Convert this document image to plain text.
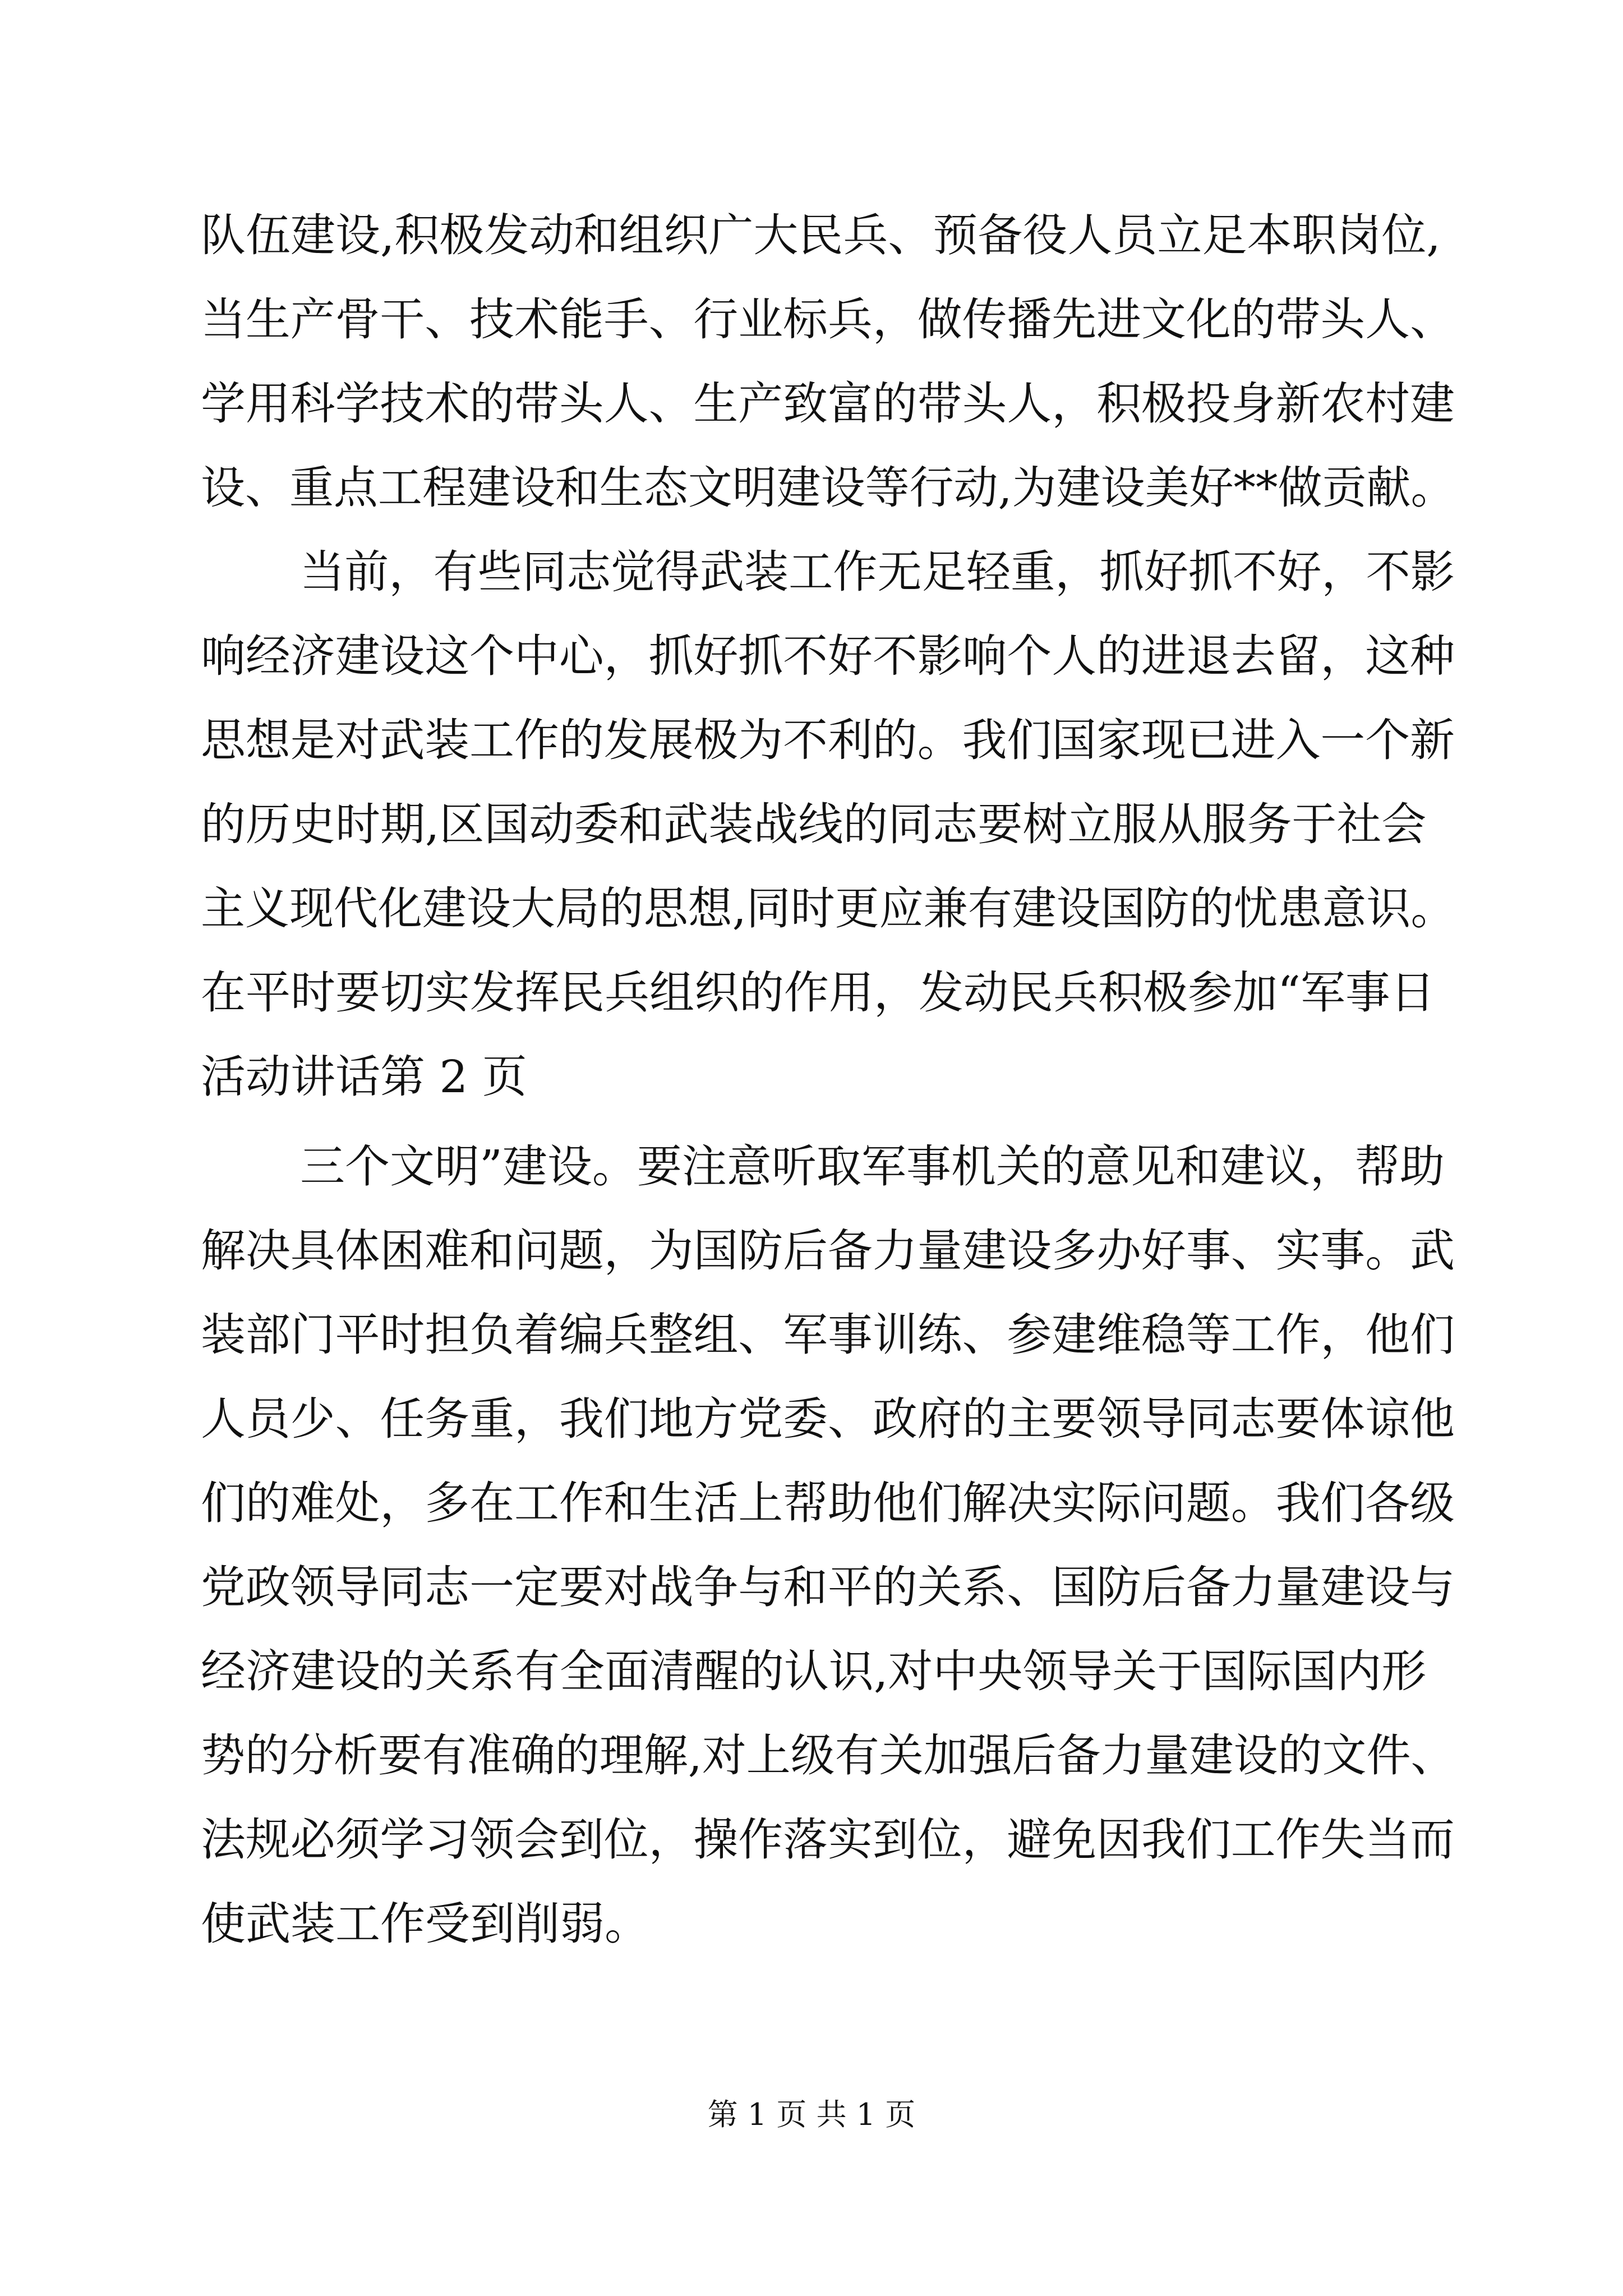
队伍建设,积极发动和组织广大民兵、预备役人员立足本职岗位,
当生产骨干、技术能手、行业标兵，做传播先进文化的带头人、
学用科学技术的带头人、生产致富的带头人，积极投身新农村建
设、重点工程建设和生态文明建设等行动,为建设美好**做贡献。
当前，有些同志觉得武装工作无足轻重，抓好抓不好，不影
响经济建设这个中心，抓好抓不好不影响个人的进退去留，这种
思想是对武装工作的发展极为不利的。我们国家现已进入一个新
的历史时期,区国动委和武装战线的同志要树立服从服务于社会
主义现代化建设大局的思想,同时更应兼有建设国防的忧患意识。
在平时要切实发挥民兵组织的作用，发动民兵积极参加“军事日
活动讲话第 2 页
三个文明”建设。要注意听取军事机关的意见和建议，帮助
解决具体困难和问题，为国防后备力量建设多办好事、实事。武
装部门平时担负着编兵整组、军事训练、参建维稳等工作，他们
人员少、任务重，我们地方党委、政府的主要领导同志要体谅他
们的难处，多在工作和生活上帮助他们解决实际问题。我们各级
党政领导同志一定要对战争与和平的关系、国防后备力量建设与
经济建设的关系有全面清醒的认识,对中央领导关于国际国内形
势的分析要有准确的理解,对上级有关加强后备力量建设的文件、
法规必须学习领会到位，操作落实到位，避免因我们工作失当而
使武装工作受到削弱。
第 1 页 共 1 页
